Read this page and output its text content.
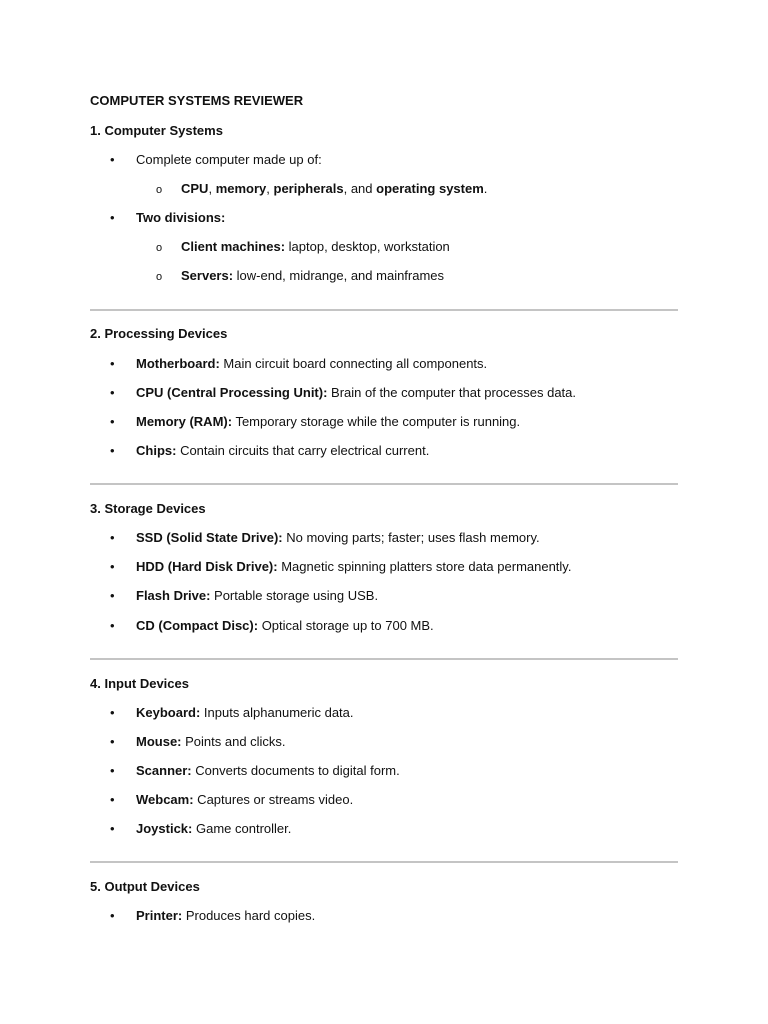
COMPUTER SYSTEMS REVIEWER
1. Computer Systems
• Complete computer made up of:
o CPU, memory, peripherals, and operating system.
• Two divisions:
o Client machines: laptop, desktop, workstation
o Servers: low-end, midrange, and mainframes
2. Processing Devices
• Motherboard: Main circuit board connecting all components.
• CPU (Central Processing Unit): Brain of the computer that processes data.
• Memory (RAM): Temporary storage while the computer is running.
• Chips: Contain circuits that carry electrical current.
3. Storage Devices
• SSD (Solid State Drive): No moving parts; faster; uses flash memory.
• HDD (Hard Disk Drive): Magnetic spinning platters store data permanently.
• Flash Drive: Portable storage using USB.
• CD (Compact Disc): Optical storage up to 700 MB.
4. Input Devices
• Keyboard: Inputs alphanumeric data.
• Mouse: Points and clicks.
• Scanner: Converts documents to digital form.
• Webcam: Captures or streams video.
• Joystick: Game controller.
5. Output Devices
• Printer: Produces hard copies.
